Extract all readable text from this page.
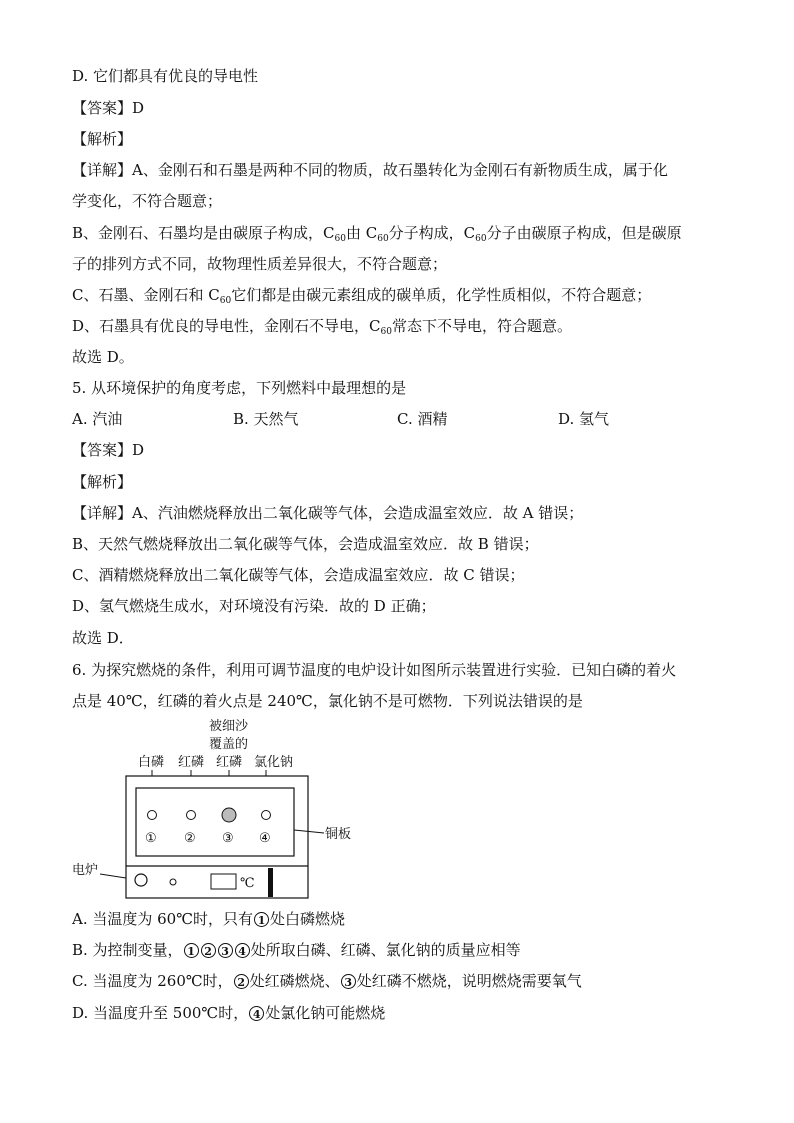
D. 它们都具有优良的导电性
【答案】D
【解析】
【详解】A、金刚石和石墨是两种不同的物质，故石墨转化为金刚石有新物质生成，属于化
学变化，不符合题意；
B、金刚石、石墨均是由碳原子构成，$C_{60}$由 $C_{60}$分子构成，$C_{60}$分子由碳原子构成，但是碳原
子的排列方式不同，故物理性质差异很大，不符合题意；
C、石墨、金刚石和 $C_{60}$它们都是由碳元素组成的碳单质，化学性质相似，不符合题意；
D、石墨具有优良的导电性，金刚石不导电，$C_{60}$常态下不导电，符合题意。
故选 D。
5. 从环境保护的角度考虑，下列燃料中最理想的是
A. 汽油	B. 天然气	C. 酒精	D. 氢气
【答案】D
【解析】
【详解】A、汽油燃烧释放出二氧化碳等气体，会造成温室效应．故 A 错误；
B、天然气燃烧释放出二氧化碳等气体，会造成温室效应．故 B 错误；
C、酒精燃烧释放出二氧化碳等气体，会造成温室效应．故 C 错误；
D、氢气燃烧生成水，对环境没有污染．故的 D 正确；
故选 D．
6. 为探究燃烧的条件，利用可调节温度的电炉设计如图所示装置进行实验．已知白磷的着火
点是 40℃，红磷的着火点是 240℃，氯化钠不是可燃物．下列说法错误的是
被细沙
覆盖的
白磷 红磷 红磷 氯化钠
① ② ③ ④	铜板
电炉
℃
A. 当温度为 60℃时，只有 1 处白磷燃烧
B. 为控制变量， 1 2 3 4 处所取白磷、红磷、氯化钠的质量应相等
C. 当温度为 260℃时， 2 处红磷燃烧、 3 处红磷不燃烧，说明燃烧需要氧气
D. 当温度升至 500℃时， 4 处氯化钠可能燃烧
